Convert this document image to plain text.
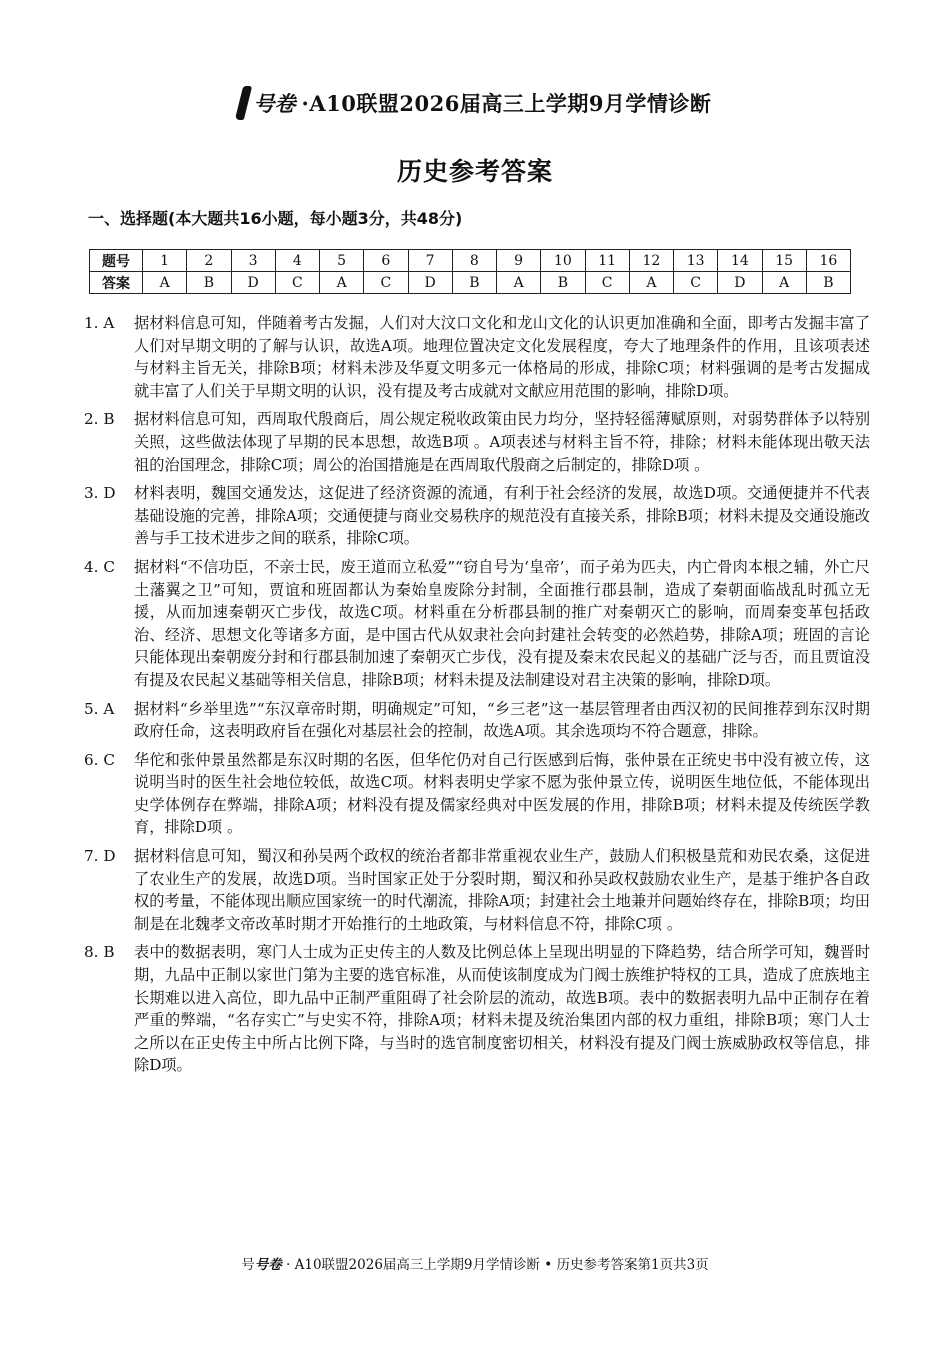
号卷 ·A10联盟2026届高三上学期9月学情诊断
历史参考答案
一、选择题(本大题共16小题，每小题3分，共48分)
题号	1	2	3	4	5	6	7	8	9	10	11	12	13	14	15	16
答案	A	B	D	C	A	C	D	B	A	B	C	A	C	D	A	B
1. A	据材料信息可知，伴随着考古发掘，人们对大汶口文化和龙山文化的认识更加准确和全面，即考古发掘丰富了人们对早期文明的了解与认识，故选A项。地理位置决定文化发展程度，夸大了地理条件的作用，且该项表述与材料主旨无关，排除B项；材料未涉及华夏文明多元一体格局的形成，排除C项；材料强调的是考古发掘成就丰富了人们关于早期文明的认识，没有提及考古成就对文献应用范围的影响，排除D项。
2. B	据材料信息可知，西周取代殷商后，周公规定税收政策由民力均分，坚持轻徭薄赋原则，对弱势群体予以特别关照，这些做法体现了早期的民本思想，故选B项 。A项表述与材料主旨不符，排除；材料未能体现出敬天法祖的治国理念，排除C项；周公的治国措施是在西周取代殷商之后制定的，排除D项 。
3. D	材料表明，魏国交通发达，这促进了经济资源的流通，有利于社会经济的发展，故选D项。交通便捷并不代表基础设施的完善，排除A项；交通便捷与商业交易秩序的规范没有直接关系，排除B项；材料未提及交通设施改善与手工技术进步之间的联系，排除C项。
4. C	据材料“不信功臣，不亲士民，废王道而立私爱”“窃自号为‘皇帝’，而子弟为匹夫，内亡骨肉本根之辅，外亡尺土藩翼之卫”可知，贾谊和班固都认为秦始皇废除分封制，全面推行郡县制，造成了秦朝面临战乱时孤立无援，从而加速秦朝灭亡步伐，故选C项。材料重在分析郡县制的推广对秦朝灭亡的影响，而周秦变革包括政治、经济、思想文化等诸多方面，是中国古代从奴隶社会向封建社会转变的必然趋势，排除A项；班固的言论只能体现出秦朝废分封和行郡县制加速了秦朝灭亡步伐，没有提及秦末农民起义的基础广泛与否，而且贾谊没有提及农民起义基础等相关信息，排除B项；材料未提及法制建设对君主决策的影响，排除D项。
5. A	据材料“乡举里选”“东汉章帝时期，明确规定”可知，“乡三老”这一基层管理者由西汉初的民间推荐到东汉时期政府任命，这表明政府旨在强化对基层社会的控制，故选A项。其余选项均不符合题意，排除。
6. C	华佗和张仲景虽然都是东汉时期的名医，但华佗仍对自己行医感到后悔，张仲景在正统史书中没有被立传，这说明当时的医生社会地位较低，故选C项。材料表明史学家不愿为张仲景立传，说明医生地位低，不能体现出史学体例存在弊端，排除A项；材料没有提及儒家经典对中医发展的作用，排除B项；材料未提及传统医学教育，排除D项 。
7. D	据材料信息可知，蜀汉和孙吴两个政权的统治者都非常重视农业生产，鼓励人们积极垦荒和劝民农桑，这促进了农业生产的发展，故选D项。当时国家正处于分裂时期，蜀汉和孙吴政权鼓励农业生产，是基于维护各自政权的考量，不能体现出顺应国家统一的时代潮流，排除A项；封建社会土地兼并问题始终存在，排除B项；均田制是在北魏孝文帝改革时期才开始推行的土地政策，与材料信息不符，排除C项 。
8. B	表中的数据表明，寒门人士成为正史传主的人数及比例总体上呈现出明显的下降趋势，结合所学可知，魏晋时期，九品中正制以家世门第为主要的选官标准，从而使该制度成为门阀士族维护特权的工具，造成了庶族地主长期难以进入高位，即九品中正制严重阻碍了社会阶层的流动，故选B项。表中的数据表明九品中正制存在着严重的弊端，“名存实亡”与史实不符，排除A项；材料未提及统治集团内部的权力重组，排除B项；寒门人士之所以在正史传主中所占比例下降，与当时的选官制度密切相关，材料没有提及门阀士族威胁政权等信息，排除D项。
号号卷 · A10联盟2026届高三上学期9月学情诊断 • 历史参考答案第1页共3页
